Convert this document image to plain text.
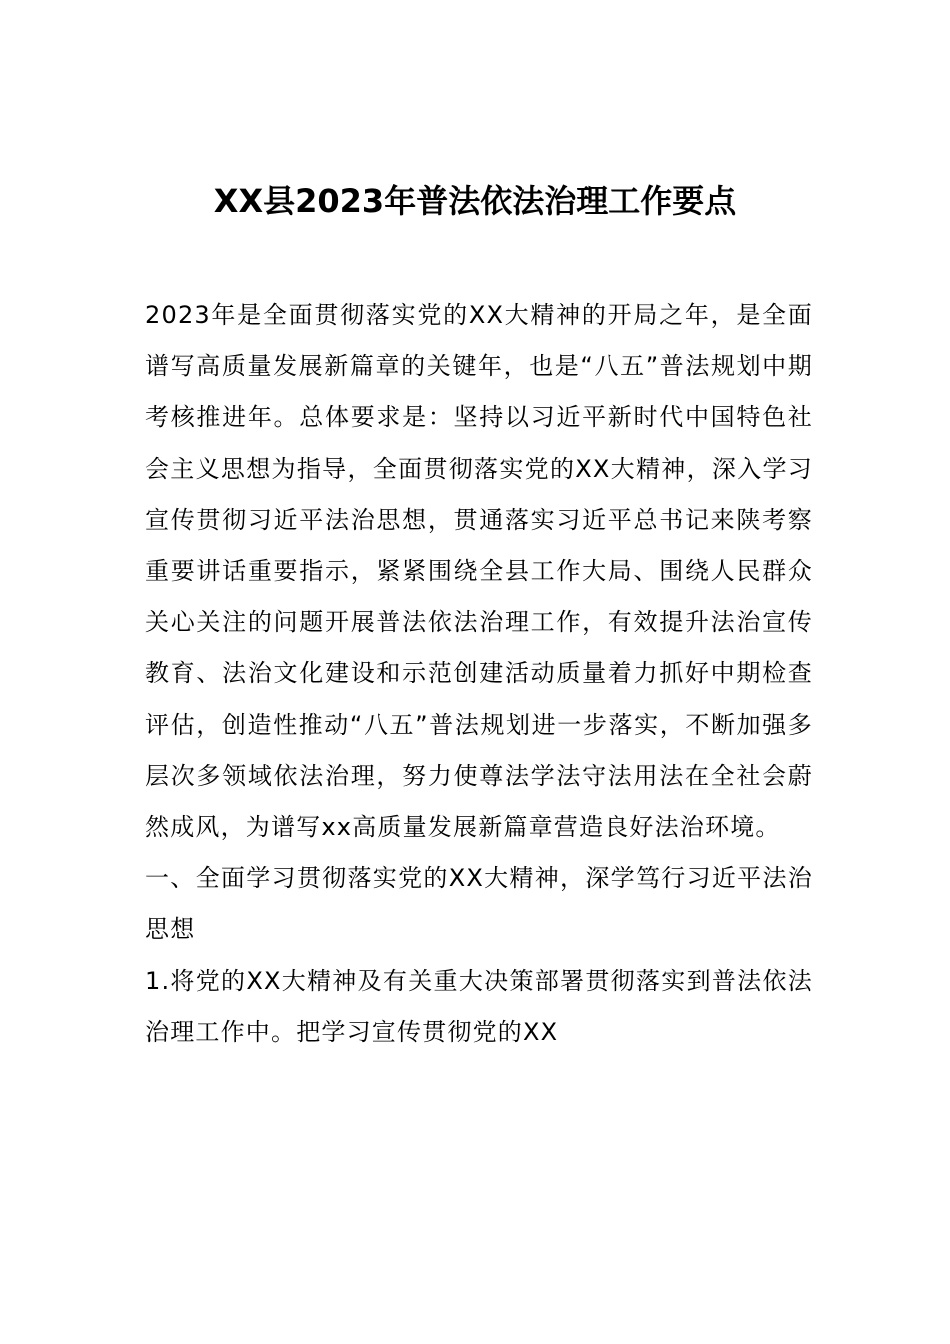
XX县2023年普法依法治理工作要点

2023年是全面贯彻落实党的XX大精神的开局之年，是全面谱写高质量发展新篇章的关键年，也是“八五”普法规划中期考核推进年。总体要求是：坚持以习近平新时代中国特色社会主义思想为指导，全面贯彻落实党的XX大精神，深入学习宣传贯彻习近平法治思想，贯通落实习近平总书记来陕考察重要讲话重要指示，紧紧围绕全县工作大局、围绕人民群众关心关注的问题开展普法依法治理工作，有效提升法治宣传教育、法治文化建设和示范创建活动质量着力抓好中期检查评估，创造性推动“八五”普法规划进一步落实，不断加强多层次多领域依法治理，努力使尊法学法守法用法在全社会蔚然成风，为谱写xx高质量发展新篇章营造良好法治环境。

一、全面学习贯彻落实党的XX大精神，深学笃行习近平法治思想

1.将党的XX大精神及有关重大决策部署贯彻落实到普法依法治理工作中。把学习宣传贯彻党的XX
